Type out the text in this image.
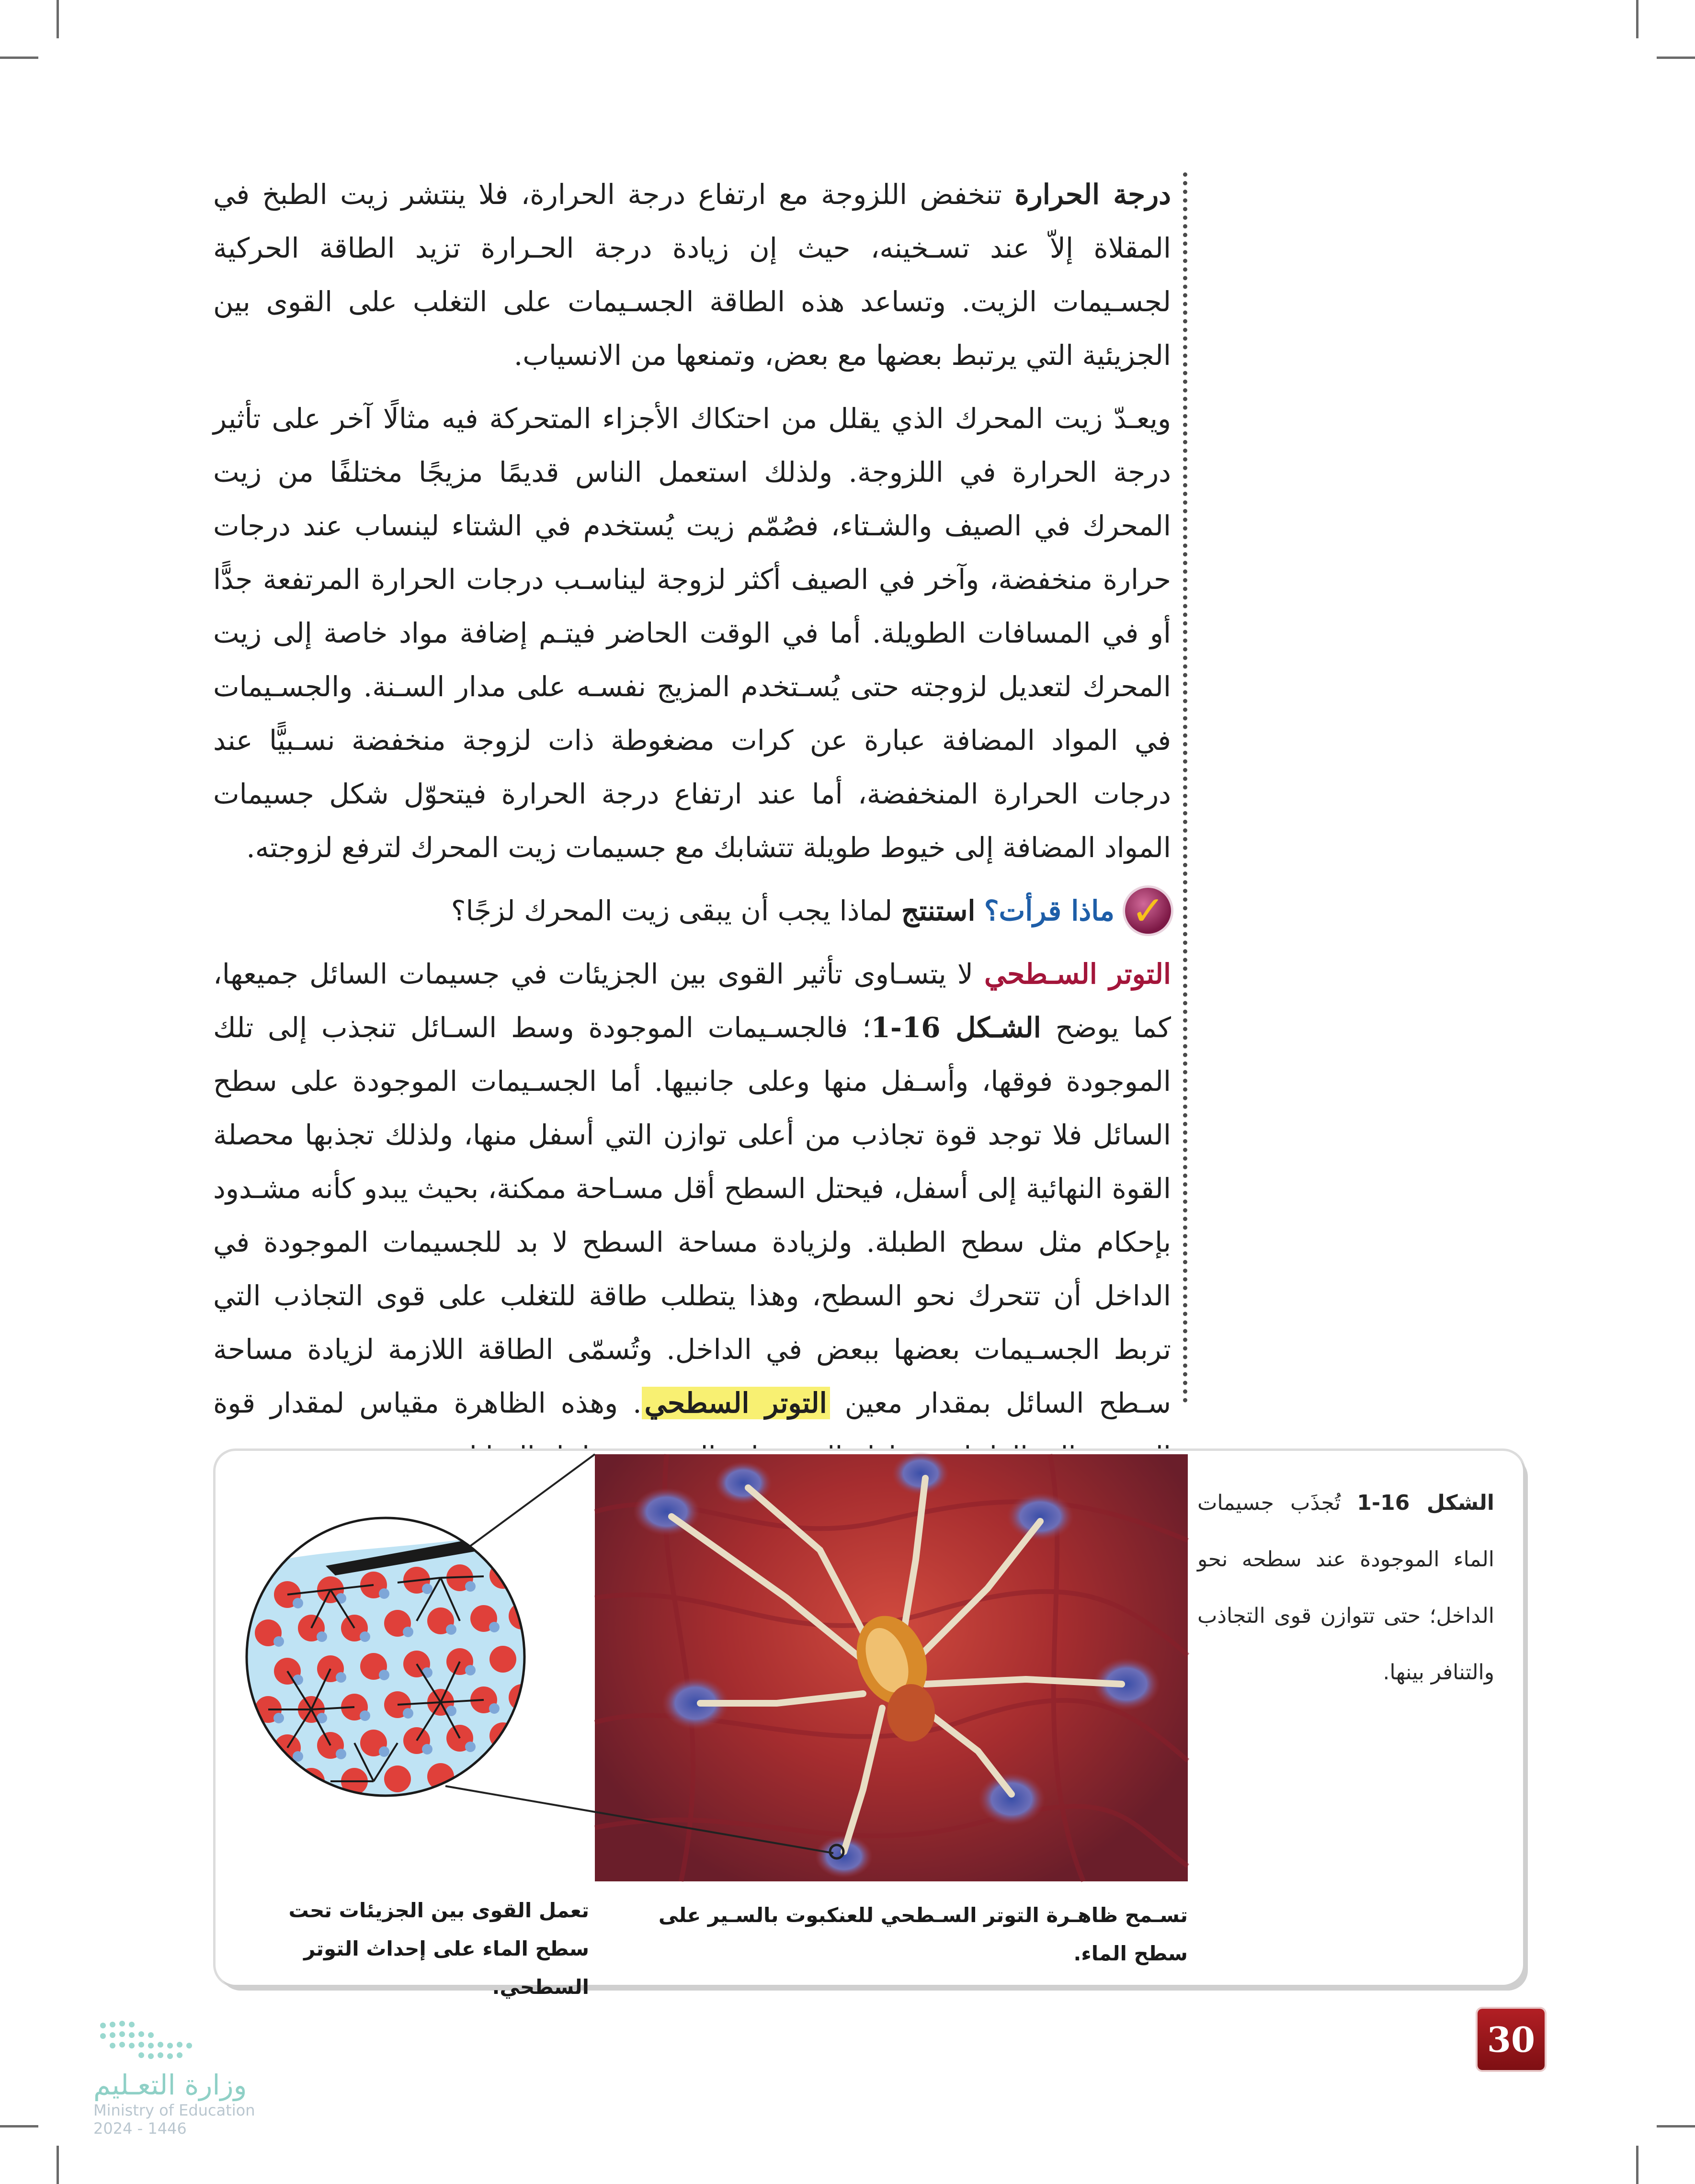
درجة الحرارة تنخفض اللزوجة مع ارتفاع درجة الحرارة، فلا ينتشر زيت الطبخ في المقلاة إلاّ عند تسـخينه، حيث إن زيادة درجة الحـرارة تزيد الطاقة الحركية لجسـيمات الزيت. وتساعد هذه الطاقة الجسـيمات على التغلب على القوى بين الجزيئية التي يرتبط بعضها مع بعض، وتمنعها من الانسياب.

ويعـدّ زيت المحرك الذي يقلل من احتكاك الأجزاء المتحركة فيه مثالًا آخر على تأثير درجة الحرارة في اللزوجة. ولذلك استعمل الناس قديمًا مزيجًا مختلفًا من زيت المحرك في الصيف والشـتاء، فصُمّم زيت يُستخدم في الشتاء لينساب عند درجات حرارة منخفضة، وآخر في الصيف أكثر لزوجة ليناسـب درجات الحرارة المرتفعة جدًّا أو في المسافات الطويلة. أما في الوقت الحاضر فيتـم إضافة مواد خاصة إلى زيت المحرك لتعديل لزوجته حتى يُسـتخدم المزيج نفسـه على مدار السـنة. والجسـيمات في المواد المضافة عبارة عن كرات مضغوطة ذات لزوجة منخفضة نسـبيًّا عند درجات الحرارة المنخفضة، أما عند ارتفاع درجة الحرارة فيتحوّل شكل جسيمات المواد المضافة إلى خيوط طويلة تتشابك مع جسيمات زيت المحرك لترفع لزوجته.

✓
ماذا قرأت؟ استنتج لماذا يجب أن يبقى زيت المحرك لزجًا؟

التوتر السـطحي لا يتسـاوى تأثير القوى بين الجزيئات في جسيمات السائل جميعها، كما يوضح الشـكل 16-1؛ فالجسـيمات الموجودة وسط السـائل تنجذب إلى تلك الموجودة فوقها، وأسـفل منها وعلى جانبيها. أما الجسـيمات الموجودة على سطح السائل فلا توجد قوة تجاذب من أعلى توازن التي أسفل منها، ولذلك تجذبها محصلة القوة النهائية إلى أسفل، فيحتل السطح أقل مسـاحة ممكنة، بحيث يبدو كأنه مشـدود بإحكام مثل سطح الطبلة. ولزيادة مساحة السطح لا بد للجسيمات الموجودة في الداخل أن تتحرك نحو السطح، وهذا يتطلب طاقة للتغلب على قوى التجاذب التي تربط الجسـيمات بعضها ببعض في الداخل. وتُسمّى الطاقة اللازمة لزيادة مساحة سـطح السائل بمقدار معين التوتر السطحي. وهذه الظاهرة مقياس لمقدار قوة

الشكل 16-1 تُجذَب جسيمات الماء الموجودة عند سطحه نحو الداخل؛ حتى تتوازن قوى التجاذب والتنافر بينها.
تسـمح ظاهـرة التوتر السـطحي للعنكبوت بالسـير على سطح الماء.
تعمل القوى بين الجزيئات تحت سطح الماء على إحداث التوتر السطحي.
30
وزارة التعـليم
Ministry of Education
2024 - 1446
